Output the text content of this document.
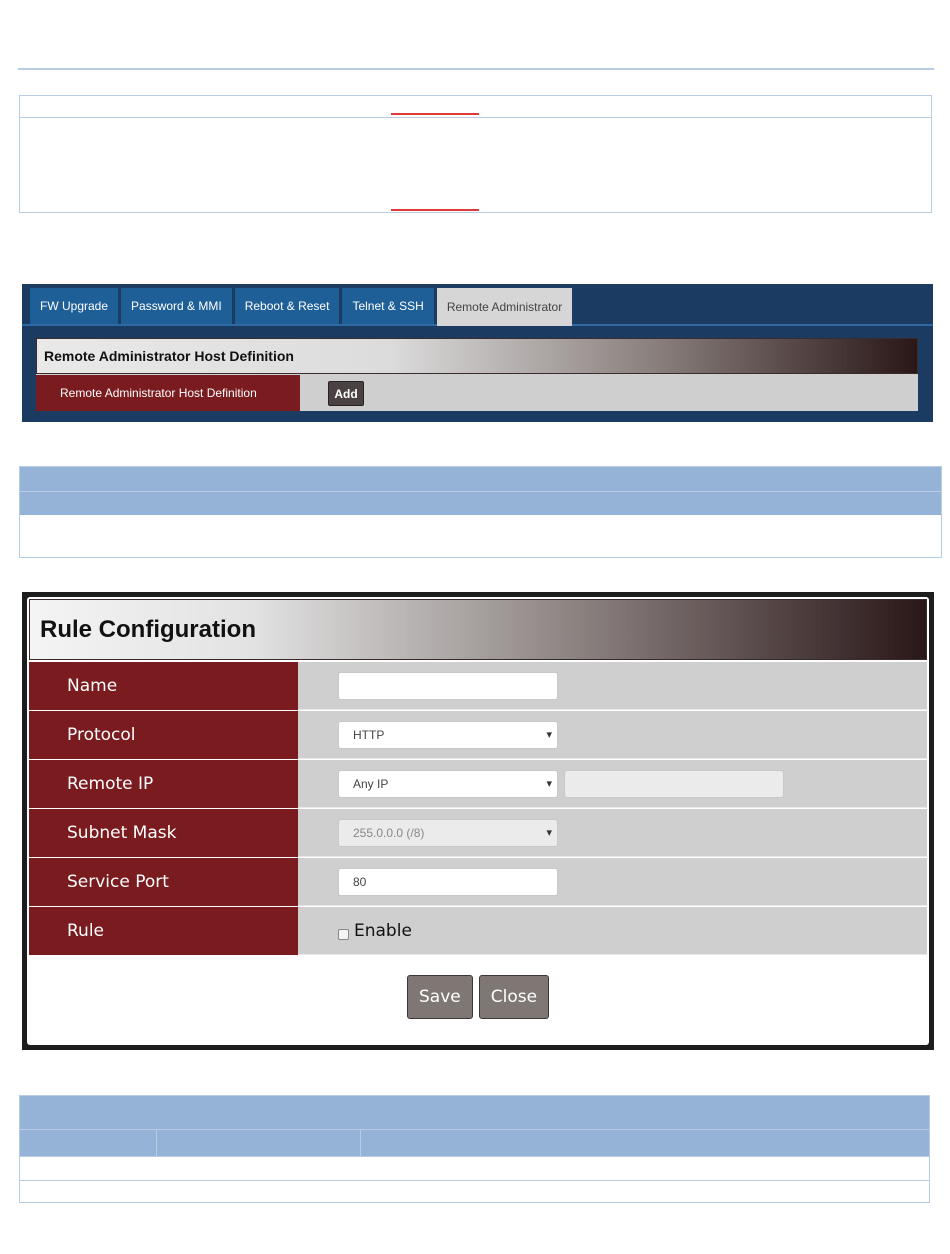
FW Upgrade	Password & MMI	Reboot & Reset	Telnet & SSH	Remote Administrator
Remote Administrator Host Definition
Remote Administrator Host Definition	Add
Rule Configuration
Name
Protocol	HTTP ▾
Remote IP	Any IP ▾
Subnet Mask	255.0.0.0 (/8) ▾
Service Port	80
Rule	Enable
Save	Close
